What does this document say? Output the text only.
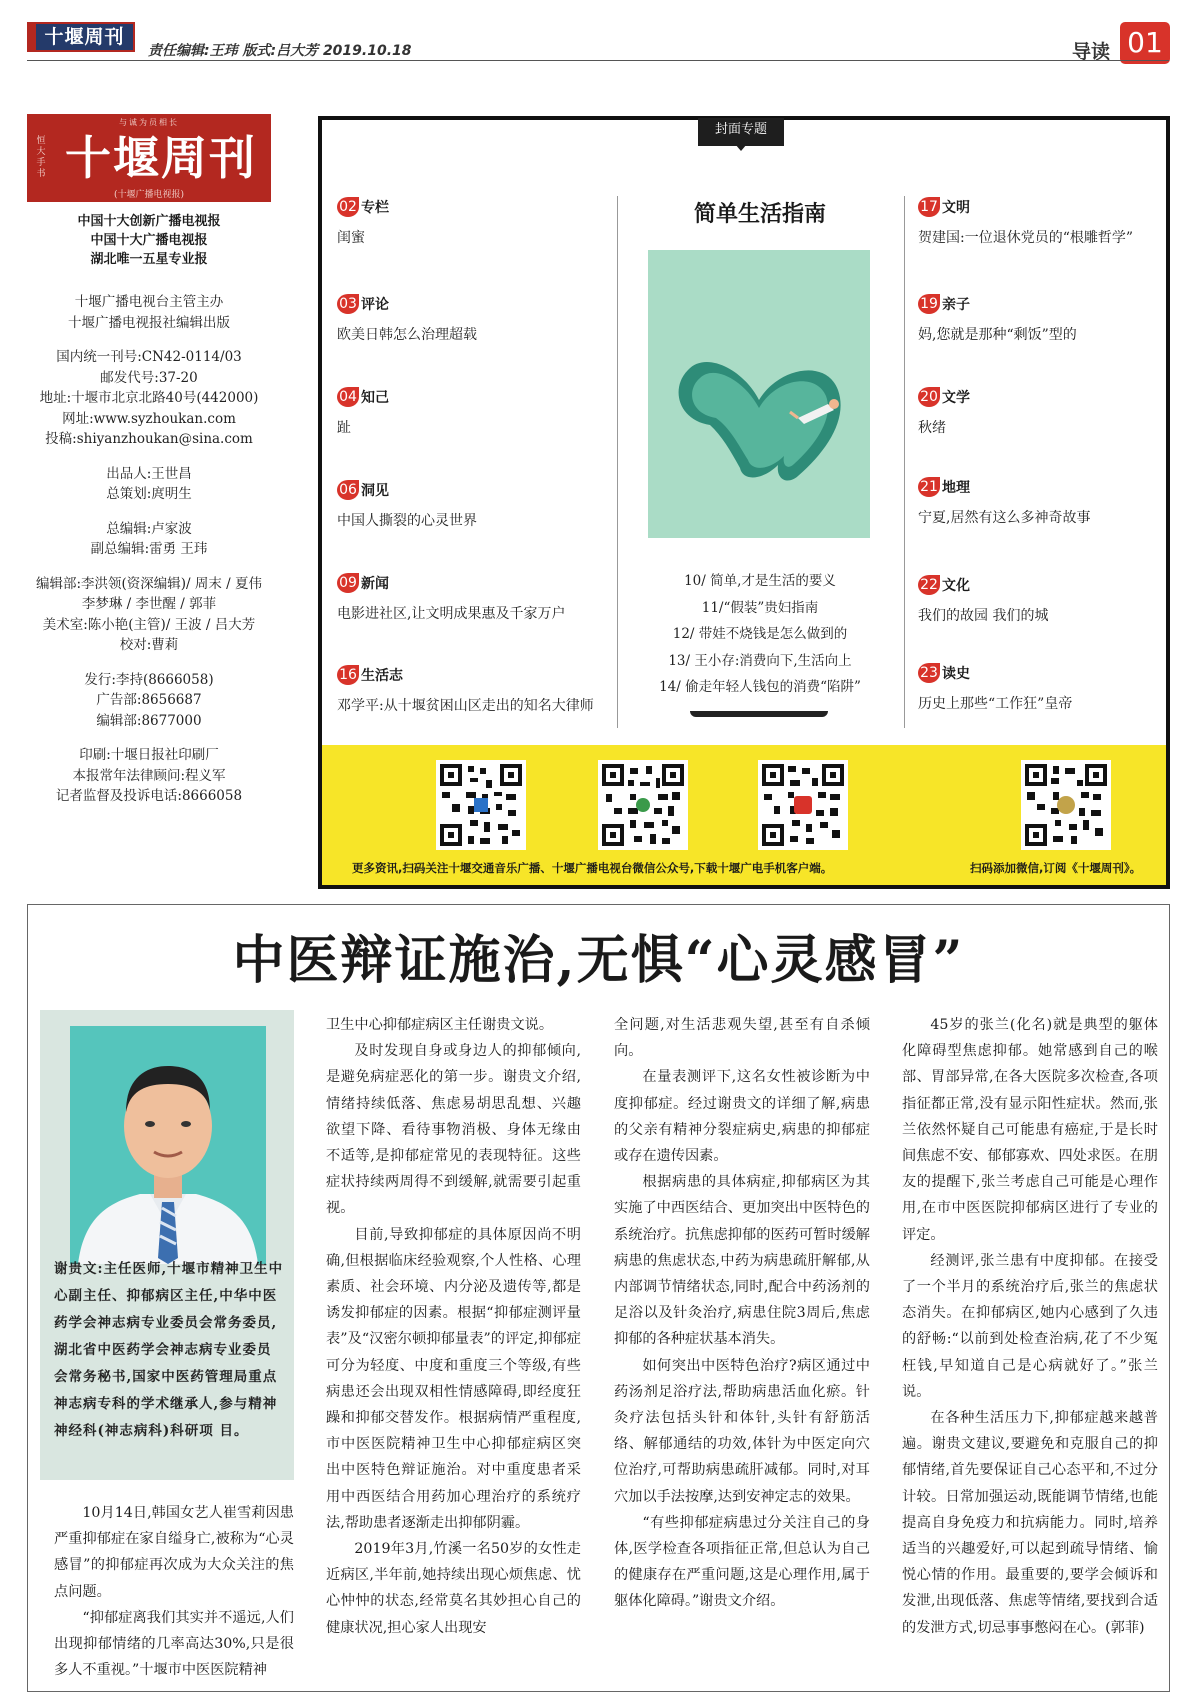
十堰周刊
责任编辑:王玮 版式:吕大芳 2019.10.18	导读 01
与诚为员相长
恒大手书 十堰周刊
(十堰广播电视报)
中国十大创新广播电视报
中国十大广播电视报
湖北唯一五星专业报
十堰广播电视台主管主办
十堰广播电视报社编辑出版
国内统一刊号:CN42-0114/03
邮发代号:37-20
地址:十堰市北京北路40号(442000)
网址:www.syzhoukan.com
投稿:shiyanzhoukan@sina.com
出品人:王世昌
总策划:庹明生
总编辑:卢家波
副总编辑:雷勇 王玮
编辑部:李洪领(资深编辑)/ 周末 / 夏伟
李梦琳 / 李世醒 / 郭菲
美术室:陈小艳(主管)/ 王波 / 吕大芳
校对:曹莉
发行:李持(8666058)
广告部:8656687
编辑部:8677000
印刷:十堰日报社印刷厂
本报常年法律顾问:程义军
记者监督及投诉电话:8666058
封面专题
02 专栏
闺蜜
03 评论
欧美日韩怎么治理超载
04 知己
趾
06 洞见
中国人撕裂的心灵世界
09 新闻
电影进社区,让文明成果惠及千家万户
16 生活志
邓学平:从十堰贫困山区走出的知名大律师
17 文明
贺建国:一位退休党员的“根雕哲学”
19 亲子
妈,您就是那种“剩饭”型的
20 文学
秋绪
21 地理
宁夏,居然有这么多神奇故事
22 文化
我们的故园 我们的城
23 读史
历史上那些“工作狂”皇帝
简单生活指南
10/ 简单,才是生活的要义
11/“假装”贵妇指南
12/ 带娃不烧钱是怎么做到的
13/ 王小存:消费向下,生活向上
14/ 偷走年轻人钱包的消费“陷阱”
更多资讯,扫码关注十堰交通音乐广播、十堰广播电视台微信公众号,下载十堰广电手机客户端。	扫码添加微信,订阅《十堰周刊》。
中医辩证施治,无惧“心灵感冒”
谢贵文:主任医师,十堰市精神卫生中心副主任、抑郁病区主任,中华中医药学会神志病专业委员会常务委员,湖北省中医药学会神志病专业委员会常务秘书,国家中医药管理局重点神志病专科的学术继承人,参与精神神经科(神志病科)科研项 目。

10月14日,韩国女艺人崔雪莉因患严重抑郁症在家自缢身亡,被称为“心灵感冒”的抑郁症再次成为大众关注的焦点问题。

“抑郁症离我们其实并不遥远,人们出现抑郁情绪的几率高达30%,只是很多人不重视。”十堰市中医医院精神

卫生中心抑郁症病区主任谢贵文说。

及时发现自身或身边人的抑郁倾向,是避免病症恶化的第一步。谢贵文介绍,情绪持续低落、焦虑易胡思乱想、兴趣欲望下降、看待事物消极、身体无缘由不适等,是抑郁症常见的表现特征。这些症状持续两周得不到缓解,就需要引起重视。

目前,导致抑郁症的具体原因尚不明确,但根据临床经验观察,个人性格、心理素质、社会环境、内分泌及遗传等,都是诱发抑郁症的因素。根据“抑郁症测评量表”及“汉密尔顿抑郁量表”的评定,抑郁症可分为轻度、中度和重度三个等级,有些病患还会出现双相性情感障碍,即经度狂躁和抑郁交替发作。根据病情严重程度,市中医医院精神卫生中心抑郁症病区突出中医特色辩证施治。对中重度患者采用中西医结合用药加心理治疗的系统疗法,帮助患者逐渐走出抑郁阴霾。

2019年3月,竹溪一名50岁的女性走近病区,半年前,她持续出现心烦焦虑、忧心忡忡的状态,经常莫名其妙担心自己的健康状况,担心家人出现安

全问题,对生活悲观失望,甚至有自杀倾向。

在量表测评下,这名女性被诊断为中度抑郁症。经过谢贵文的详细了解,病患的父亲有精神分裂症病史,病患的抑郁症或存在遗传因素。

根据病患的具体病症,抑郁病区为其实施了中西医结合、更加突出中医特色的系统治疗。抗焦虑抑郁的医药可暂时缓解病患的焦虑状态,中药为病患疏肝解郁,从内部调节情绪状态,同时,配合中药汤剂的足浴以及针灸治疗,病患住院3周后,焦虑抑郁的各种症状基本消失。

如何突出中医特色治疗?病区通过中药汤剂足浴疗法,帮助病患活血化瘀。针灸疗法包括头针和体针,头针有舒筋活络、解郁通结的功效,体针为中医定向穴位治疗,可帮助病患疏肝减郁。同时,对耳穴加以手法按摩,达到安神定志的效果。

“有些抑郁症病患过分关注自己的身体,医学检查各项指征正常,但总认为自己的健康存在严重问题,这是心理作用,属于躯体化障碍。”谢贵文介绍。

45岁的张兰(化名)就是典型的躯体化障碍型焦虑抑郁。她常感到自己的喉部、胃部异常,在各大医院多次检查,各项指征都正常,没有显示阳性症状。然而,张兰依然怀疑自己可能患有癌症,于是长时间焦虑不安、郁郁寡欢、四处求医。在朋友的提醒下,张兰考虑自己可能是心理作用,在市中医医院抑郁病区进行了专业的评定。

经测评,张兰患有中度抑郁。在接受了一个半月的系统治疗后,张兰的焦虑状态消失。在抑郁病区,她内心感到了久违的舒畅:“以前到处检查治病,花了不少冤枉钱,早知道自己是心病就好了。”张兰说。

在各种生活压力下,抑郁症越来越普遍。谢贵文建议,要避免和克服自己的抑郁情绪,首先要保证自己心态平和,不过分计较。日常加强运动,既能调节情绪,也能提高自身免疫力和抗病能力。同时,培养适当的兴趣爱好,可以起到疏导情绪、愉悦心情的作用。最重要的,要学会倾诉和发泄,出现低落、焦虑等情绪,要找到合适的发泄方式,切忌事事憋闷在心。(郭菲)
